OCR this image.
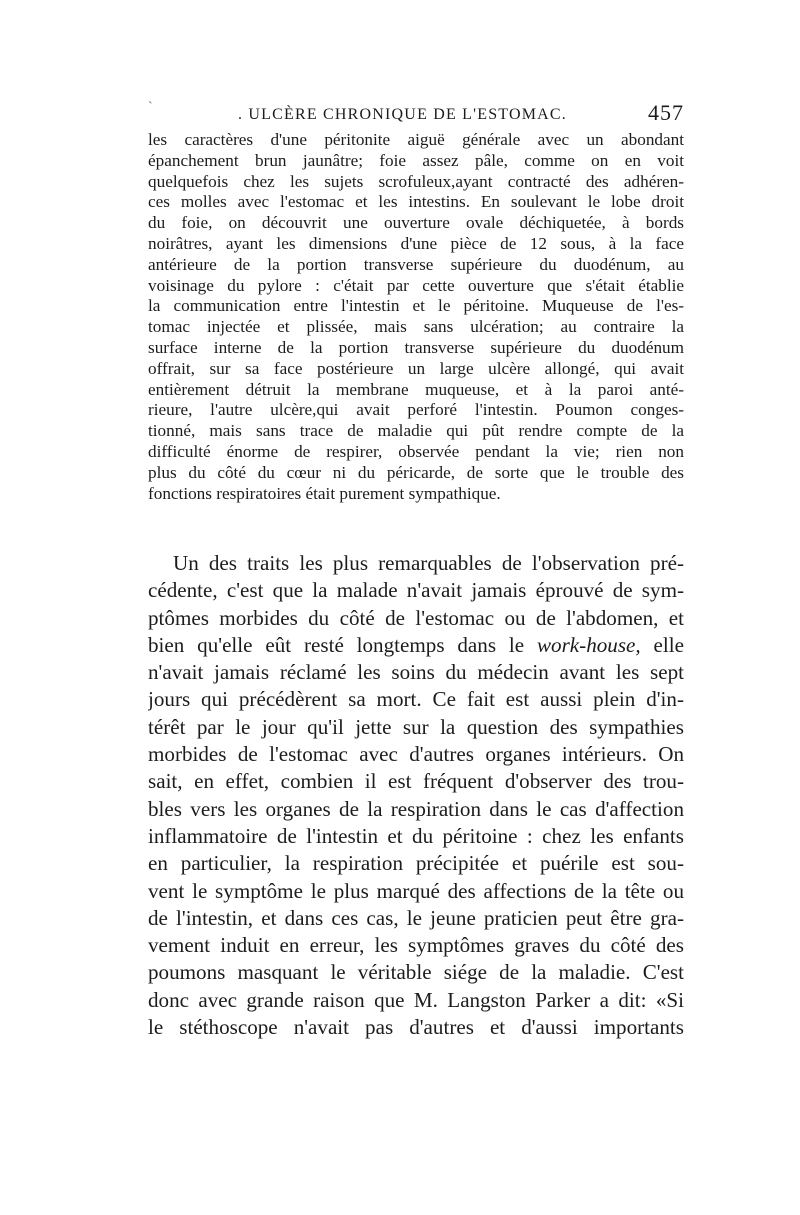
`	. ULCÈRE CHRONIQUE DE L'ESTOMAC.	457
les caractères d'une péritonite aiguë générale avec un abondant
épanchement brun jaunâtre; foie assez pâle, comme on en voit
quelquefois chez les sujets scrofuleux,ayant contracté des adhéren-
ces molles avec l'estomac et les intestins. En soulevant le lobe droit
du foie, on découvrit une ouverture ovale déchiquetée, à bords
noirâtres, ayant les dimensions d'une pièce de 12 sous, à la face
antérieure de la portion transverse supérieure du duodénum, au
voisinage du pylore : c'était par cette ouverture que s'était établie
la communication entre l'intestin et le péritoine. Muqueuse de l'es-
tomac injectée et plissée, mais sans ulcération; au contraire la
surface interne de la portion transverse supérieure du duodénum
offrait, sur sa face postérieure un large ulcère allongé, qui avait
entièrement détruit la membrane muqueuse, et à la paroi anté-
rieure, l'autre ulcère,qui avait perforé l'intestin. Poumon conges-
tionné, mais sans trace de maladie qui pût rendre compte de la
difficulté énorme de respirer, observée pendant la vie; rien non
plus du côté du cœur ni du péricarde, de sorte que le trouble des
fonctions respiratoires était purement sympathique.
Un des traits les plus remarquables de l'observation pré-
cédente, c'est que la malade n'avait jamais éprouvé de sym-
ptômes morbides du côté de l'estomac ou de l'abdomen, et
bien qu'elle eût resté longtemps dans le work-house, elle
n'avait jamais réclamé les soins du médecin avant les sept
jours qui précédèrent sa mort. Ce fait est aussi plein d'in-
térêt par le jour qu'il jette sur la question des sympathies
morbides de l'estomac avec d'autres organes intérieurs. On
sait, en effet, combien il est fréquent d'observer des trou-
bles vers les organes de la respiration dans le cas d'affection
inflammatoire de l'intestin et du péritoine : chez les enfants
en particulier, la respiration précipitée et puérile est sou-
vent le symptôme le plus marqué des affections de la tête ou
de l'intestin, et dans ces cas, le jeune praticien peut être gra-
vement induit en erreur, les symptômes graves du côté des
poumons masquant le véritable siége de la maladie. C'est
donc avec grande raison que M. Langston Parker a dit: «Si
le stéthoscope n'avait pas d'autres et d'aussi importants
